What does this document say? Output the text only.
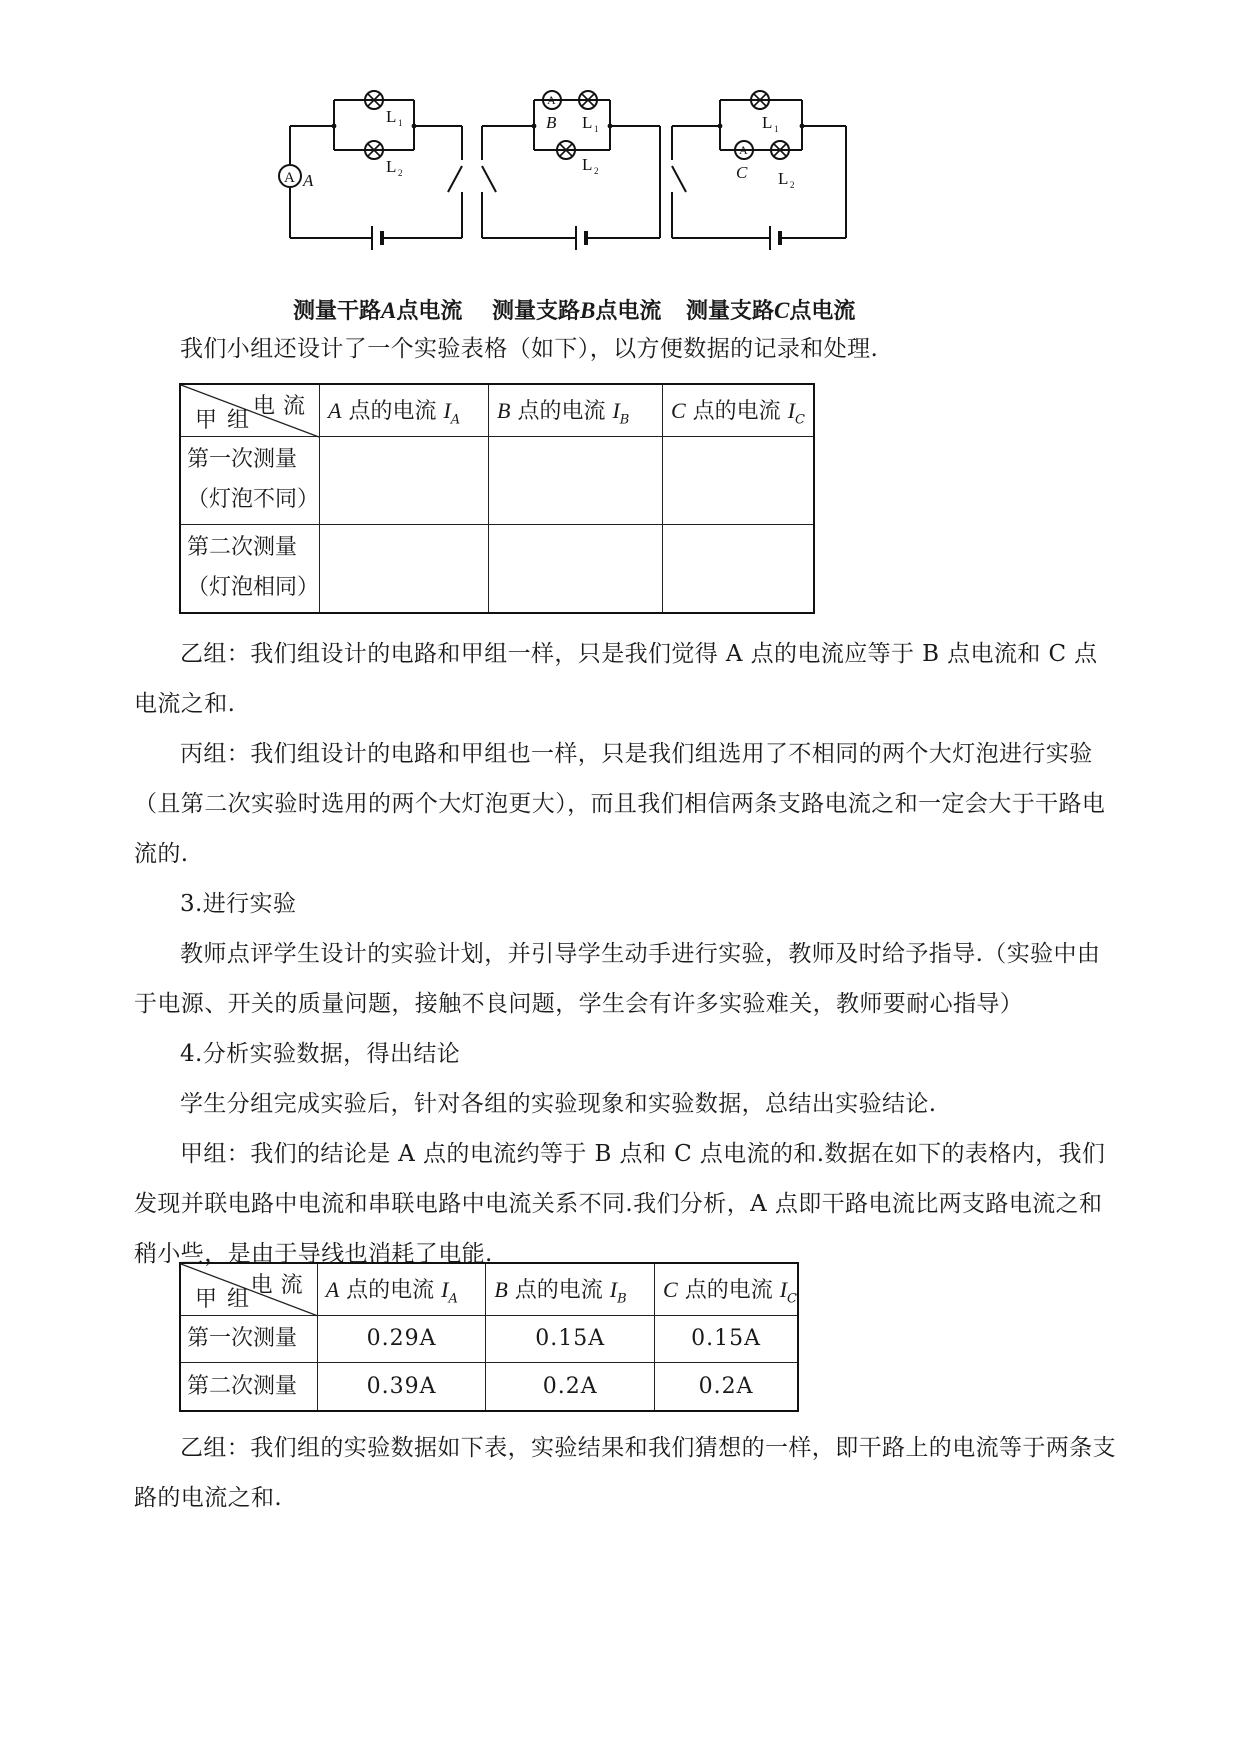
A A
L 1
L 2
A
B L 1
L 2
L 1
A
C L 2
测量干路A点电流 测量支路B点电流 测量支路C点电流
我们小组还设计了一个实验表格（如下），以方便数据的记录和处理.
电流
甲组	A 点的电流 $I_A$	B 点的电流 $I_B$	C 点的电流 $I_C$

第一次测量
（灯泡不同）			

第二次测量
（灯泡相同）			

乙组：我们组设计的电路和甲组一样，只是我们觉得 A 点的电流应等于 B 点电流和 C 点电流之和.
丙组：我们组设计的电路和甲组也一样，只是我们组选用了不相同的两个大灯泡进行实验（且第二次实验时选用的两个大灯泡更大），而且我们相信两条支路电流之和一定会大于干路电流的.
3.进行实验
教师点评学生设计的实验计划，并引导学生动手进行实验，教师及时给予指导.（实验中由于电源、开关的质量问题，接触不良问题，学生会有许多实验难关，教师要耐心指导）
4.分析实验数据，得出结论
学生分组完成实验后，针对各组的实验现象和实验数据，总结出实验结论.
甲组：我们的结论是 A 点的电流约等于 B 点和 C 点电流的和.数据在如下的表格内，我们发现并联电路中电流和串联电路中电流关系不同.我们分析，A 点即干路电流比两支路电流之和稍小些，是由于导线也消耗了电能.
电流
甲组	A 点的电流 $I_A$	B 点的电流 $I_B$	C 点的电流 $I_C$
第一次测量	0.29A	0.15A	0.15A
第二次测量	0.39A	0.2A	0.2A
乙组：我们组的实验数据如下表，实验结果和我们猜想的一样，即干路上的电流等于两条支路的电流之和.
